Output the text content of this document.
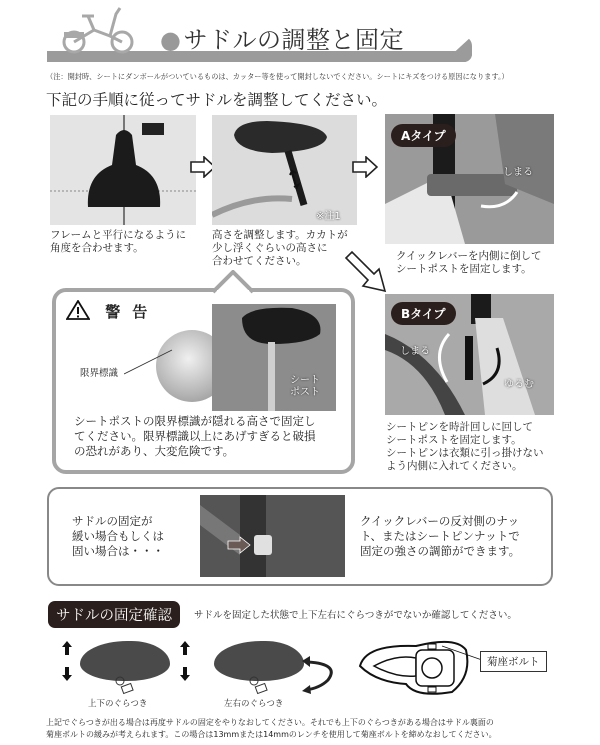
●サドルの調整と固定
（注：開封時、シートにダンボールがついているものは、カッター等を使って開封しないでください。シートにキズをつける原因になります。）
下記の手順に従ってサドルを調整してください。
フレームと平行になるように
角度を合わせます。
※注1
高さを調整します。カカトが
少し浮くぐらいの高さに
合わせてください。
Aタイプ
しまる
クイックレバーを内側に倒して
シートポストを固定します。
Bタイプ
しまる
ゆるむ
シートピンを時計回しに回して
シートポストを固定します。
シートピンは衣類に引っ掛けない
よう内側に入れてください。
警告
限界標識
シート
ポスト
シートポストの限界標識が隠れる高さで固定し
てください。限界標識以上にあげすぎると破損
の恐れがあり、大変危険です。
サドルの固定が
緩い場合もしくは
固い場合は・・・
クイックレバーの反対側のナッ
ト、またはシートピンナットで
固定の強さの調節ができます。
サドルの固定確認	サドルを固定した状態で上下左右にぐらつきがでないか確認してください。
上下のぐらつき	左右のぐらつき
菊座ボルト
上記でぐらつきが出る場合は再度サドルの固定をやりなおしてください。それでも上下のぐらつきがある場合はサドル裏面の
菊座ボルトの緩みが考えられます。この場合は13mmまたは14mmのレンチを使用して菊座ボルトを締めなおしてください。
